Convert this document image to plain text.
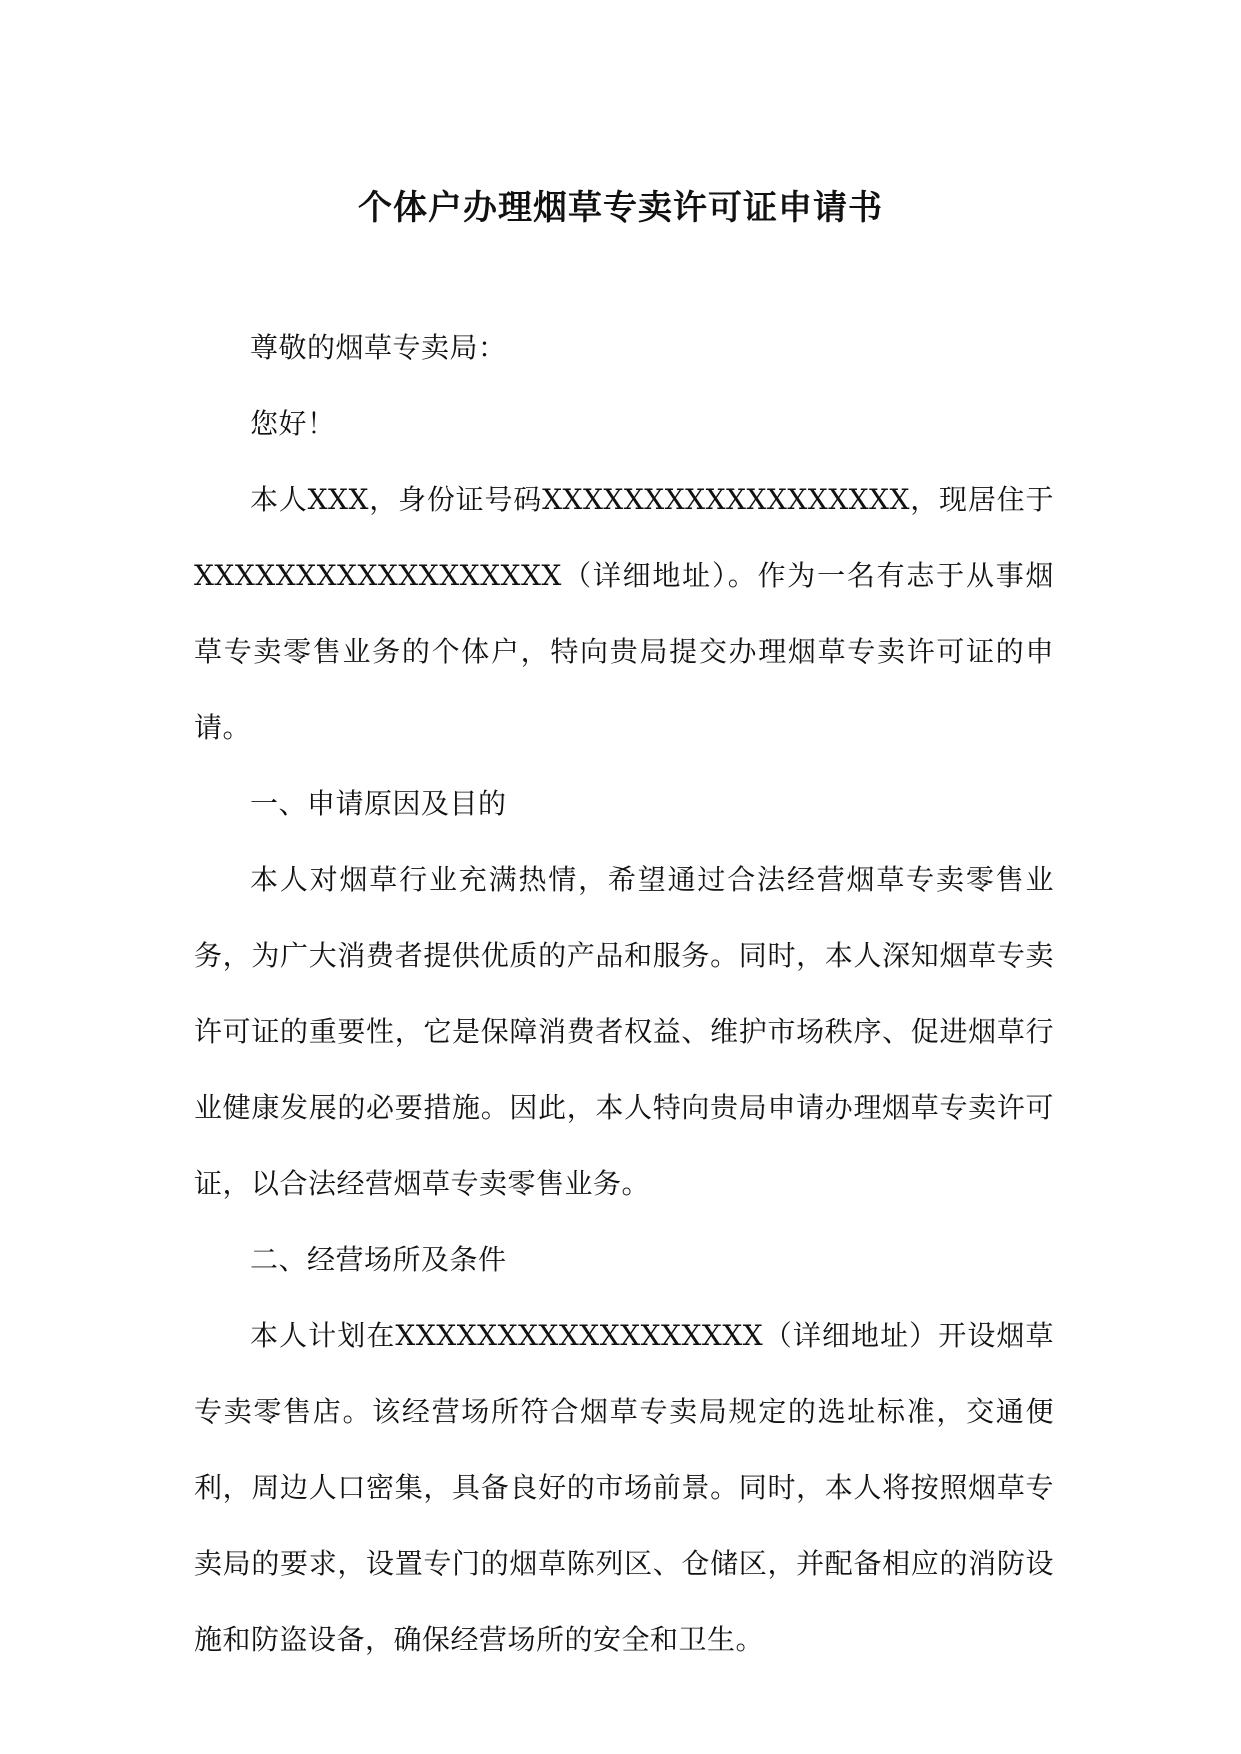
个体户办理烟草专卖许可证申请书

尊敬的烟草专卖局：

您好！

本人XXX，身份证号码XXXXXXXXXXXXXXXXXX，现居住于XXXXXXXXXXXXXXXXXX（详细地址）。作为一名有志于从事烟草专卖零售业务的个体户，特向贵局提交办理烟草专卖许可证的申请。

一、申请原因及目的

本人对烟草行业充满热情，希望通过合法经营烟草专卖零售业务，为广大消费者提供优质的产品和服务。同时，本人深知烟草专卖许可证的重要性，它是保障消费者权益、维护市场秩序、促进烟草行业健康发展的必要措施。因此，本人特向贵局申请办理烟草专卖许可证，以合法经营烟草专卖零售业务。

二、经营场所及条件

本人计划在XXXXXXXXXXXXXXXXXX（详细地址）开设烟草专卖零售店。该经营场所符合烟草专卖局规定的选址标准，交通便利，周边人口密集，具备良好的市场前景。同时，本人将按照烟草专卖局的要求，设置专门的烟草陈列区、仓储区，并配备相应的消防设施和防盗设备，确保经营场所的安全和卫生。
